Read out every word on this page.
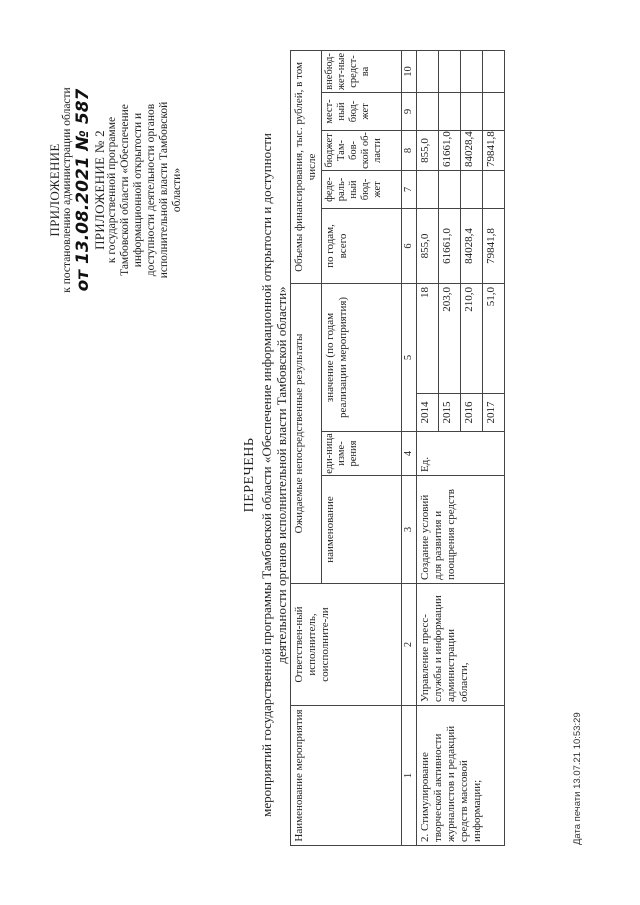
ПРИЛОЖЕНИЕ к постановлению администрации области от 13.08.2021 № 587 ПРИЛОЖЕНИЕ № 2 к государственной программе Тамбовской области «Обеспечение информационной открытости и доступности деятельности органов исполнительной власти Тамбовской области»
ПЕРЕЧЕНЬ мероприятий государственной программы Тамбовской области «Обеспечение информационной открытости и доступности деятельности органов исполнительной власти Тамбовской области»
Наименование мероприятия	Ответствен-ный исполнитель, соисполните-ли	Ожидаемые непосредственные результаты				Объемы финансирования, тыс. рублей, в том числе				
		наименование	еди-ница изме-рения	значение (по годам реализации мероприятия)		по годам, всего	феде-раль-ный бюд-жет	бюджет Там-бов-ской об-ласти	мест-ный бюд-жет	внебюд-жет-ные средст-ва
1	2	3	4	5		6	7	8	9	10
2. Стимулирование творческой активности журналистов и редакций средств массовой информации;	Управление пресс-службы и информации администрации области,	Создание условий для развития и поощрения средств	Ед.	2014	18	855,0		855,0		
				2015	203,0	61661,0		61661,0		
				2016	210,0	84028,4		84028,4		
				2017	51,0	79841,8		79841,8		
Дата печати 13.07.21 10:53:29
